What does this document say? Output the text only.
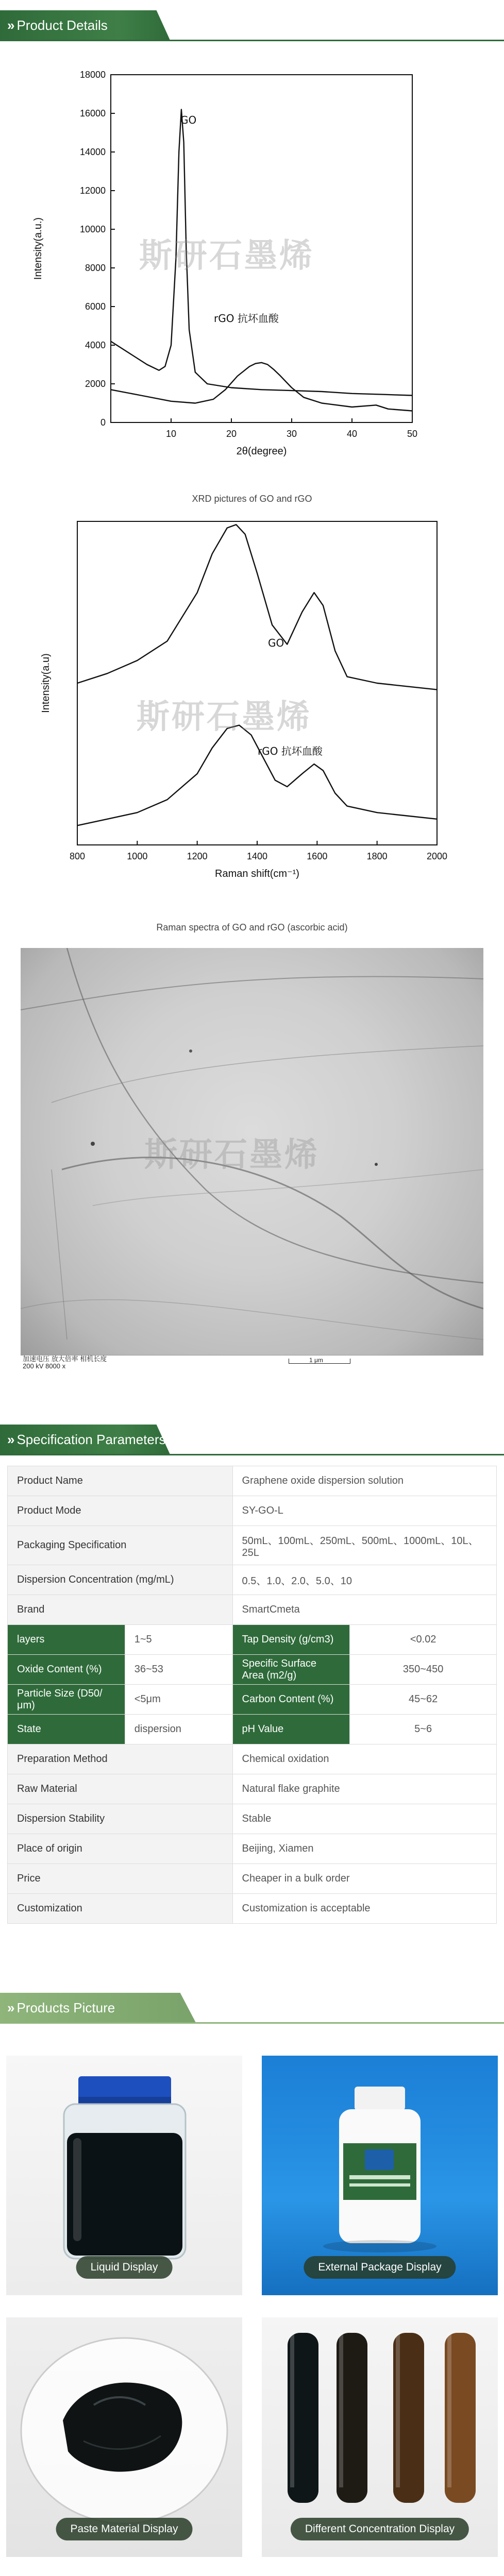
» Product Details
10	20	30	40	50
0
2000
4000
6000
8000
10000
12000
14000
16000
18000
2θ(degree)
Intensity(a.u.)
GO
rGO 抗坏血酸
斯研石墨烯
XRD pictures of GO and rGO
800	1000	1200	1400	1600	1800	2000
Raman shift(cm⁻¹)
Intensity(a.u)
GO
rGO 抗坏血酸
斯研石墨烯
Raman spectra of GO and rGO (ascorbic acid)
斯研石墨烯
加速电压 放大倍率 相机长度
200 kV 8000 x
1 μm
» Specification Parameters
Product Name		Graphene oxide dispersion solution	
Product Mode		SY-GO-L	
Packaging Specification		50mL、100mL、250mL、500mL、1000mL、10L、25L	
Dispersion Concentration (mg/mL)		0.5、1.0、2.0、5.0、10	
Brand		SmartCmeta	
layers	1~5	Tap Density (g/cm3)	<0.02
Oxide Content (%)	36~53	Specific Surface Area (m2/g)	350~450
Particle Size (D50/μm)	<5μm	Carbon Content (%)	45~62
State	dispersion	pH Value	5~6
Preparation Method		Chemical oxidation	
Raw Material		Natural flake graphite	
Dispersion Stability		Stable	
Place of origin		Beijing, Xiamen	
Price		Cheaper in a bulk order	
Customization		Customization is acceptable	
» Products Picture
Liquid Display	External Package Display
Paste Material Display	Different Concentration Display
